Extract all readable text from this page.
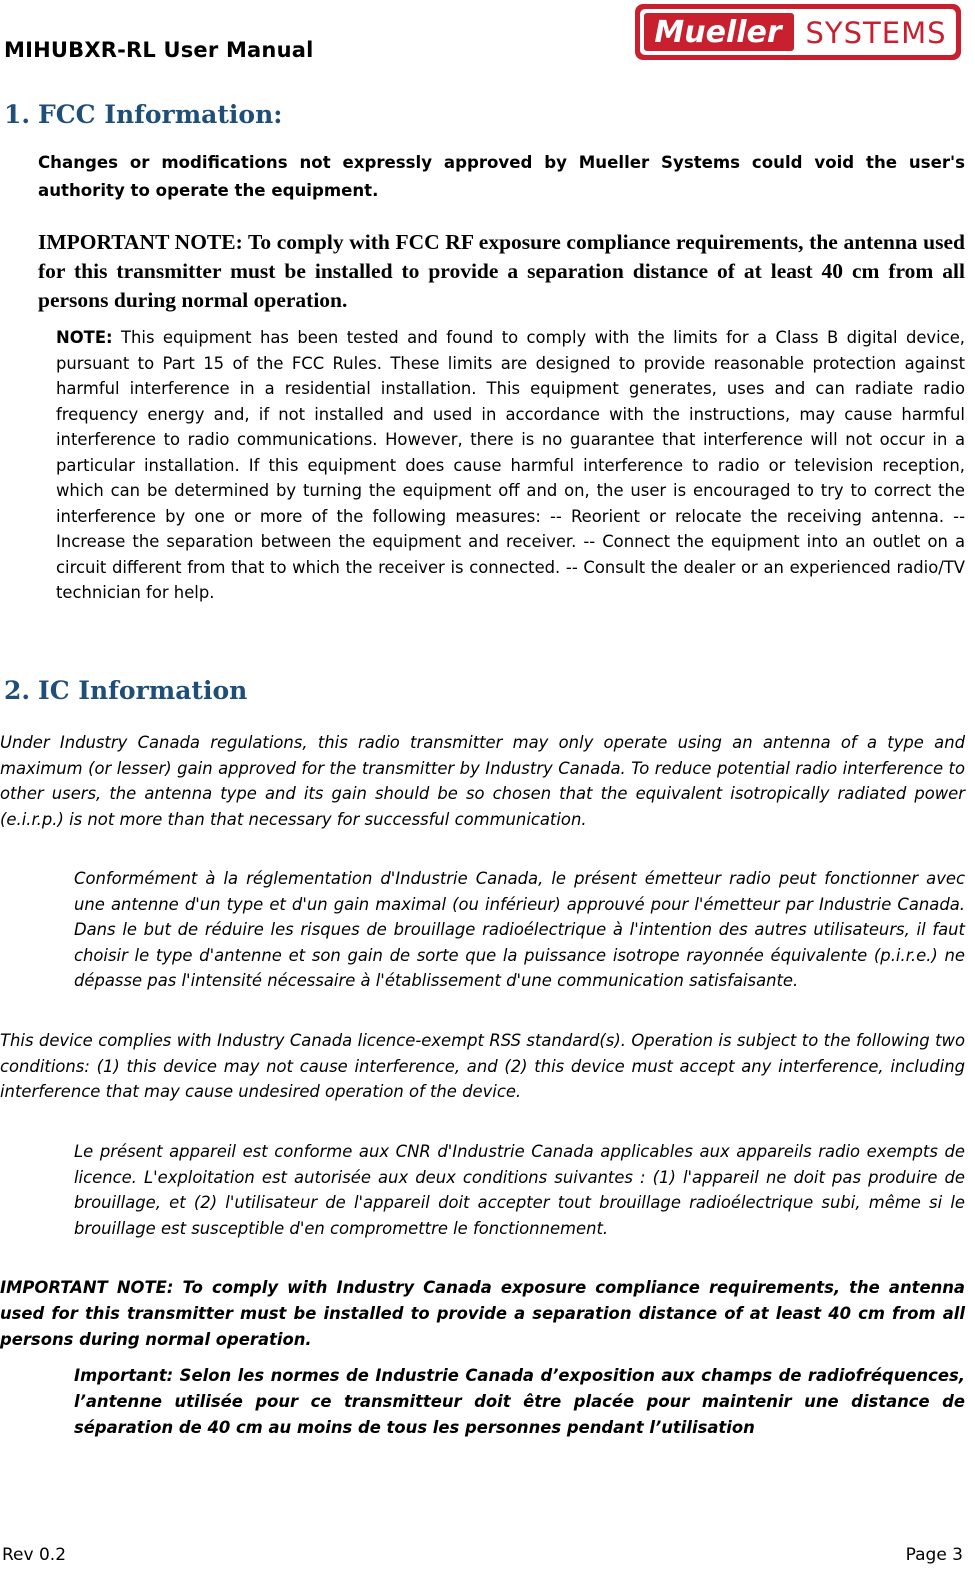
MIHUBXR-RL User Manual	Mueller SYSTEMS
1. FCC Information:

Changes or modifications not expressly approved by Mueller Systems could void the user's authority to operate the equipment.

IMPORTANT NOTE: To comply with FCC RF exposure compliance requirements, the antenna used for this transmitter must be installed to provide a separation distance of at least 40 cm from all persons during normal operation.

NOTE: This equipment has been tested and found to comply with the limits for a Class B digital device, pursuant to Part 15 of the FCC Rules. These limits are designed to provide reasonable protection against harmful interference in a residential installation. This equipment generates, uses and can radiate radio frequency energy and, if not installed and used in accordance with the instructions, may cause harmful interference to radio communications. However, there is no guarantee that interference will not occur in a particular installation. If this equipment does cause harmful interference to radio or television reception, which can be determined by turning the equipment off and on, the user is encouraged to try to correct the interference by one or more of the following measures: -- Reorient or relocate the receiving antenna. -- Increase the separation between the equipment and receiver. -- Connect the equipment into an outlet on a circuit different from that to which the receiver is connected. -- Consult the dealer or an experienced radio/TV technician for help.

2. IC Information

Under Industry Canada regulations, this radio transmitter may only operate using an antenna of a type and maximum (or lesser) gain approved for the transmitter by Industry Canada. To reduce potential radio interference to other users, the antenna type and its gain should be so chosen that the equivalent isotropically radiated power (e.i.r.p.) is not more than that necessary for successful communication.

Conformément à la réglementation d'Industrie Canada, le présent émetteur radio peut fonctionner avec une antenne d'un type et d'un gain maximal (ou inférieur) approuvé pour l'émetteur par Industrie Canada. Dans le but de réduire les risques de brouillage radioélectrique à l'intention des autres utilisateurs, il faut choisir le type d'antenne et son gain de sorte que la puissance isotrope rayonnée équivalente (p.i.r.e.) ne dépasse pas l'intensité nécessaire à l'établissement d'une communication satisfaisante.

This device complies with Industry Canada licence-exempt RSS standard(s). Operation is subject to the following two conditions: (1) this device may not cause interference, and (2) this device must accept any interference, including interference that may cause undesired operation of the device.

Le présent appareil est conforme aux CNR d'Industrie Canada applicables aux appareils radio exempts de licence. L'exploitation est autorisée aux deux conditions suivantes : (1) l'appareil ne doit pas produire de brouillage, et (2) l'utilisateur de l'appareil doit accepter tout brouillage radioélectrique subi, même si le brouillage est susceptible d'en compromettre le fonctionnement.

IMPORTANT NOTE: To comply with Industry Canada exposure compliance requirements, the antenna used for this transmitter must be installed to provide a separation distance of at least 40 cm from all persons during normal operation.

Important: Selon les normes de Industrie Canada d’exposition aux champs de radiofréquences, l’antenne utilisée pour ce transmitteur doit être placée pour maintenir une distance de séparation de 40 cm au moins de tous les personnes pendant l’utilisation

Rev 0.2	Page 3
